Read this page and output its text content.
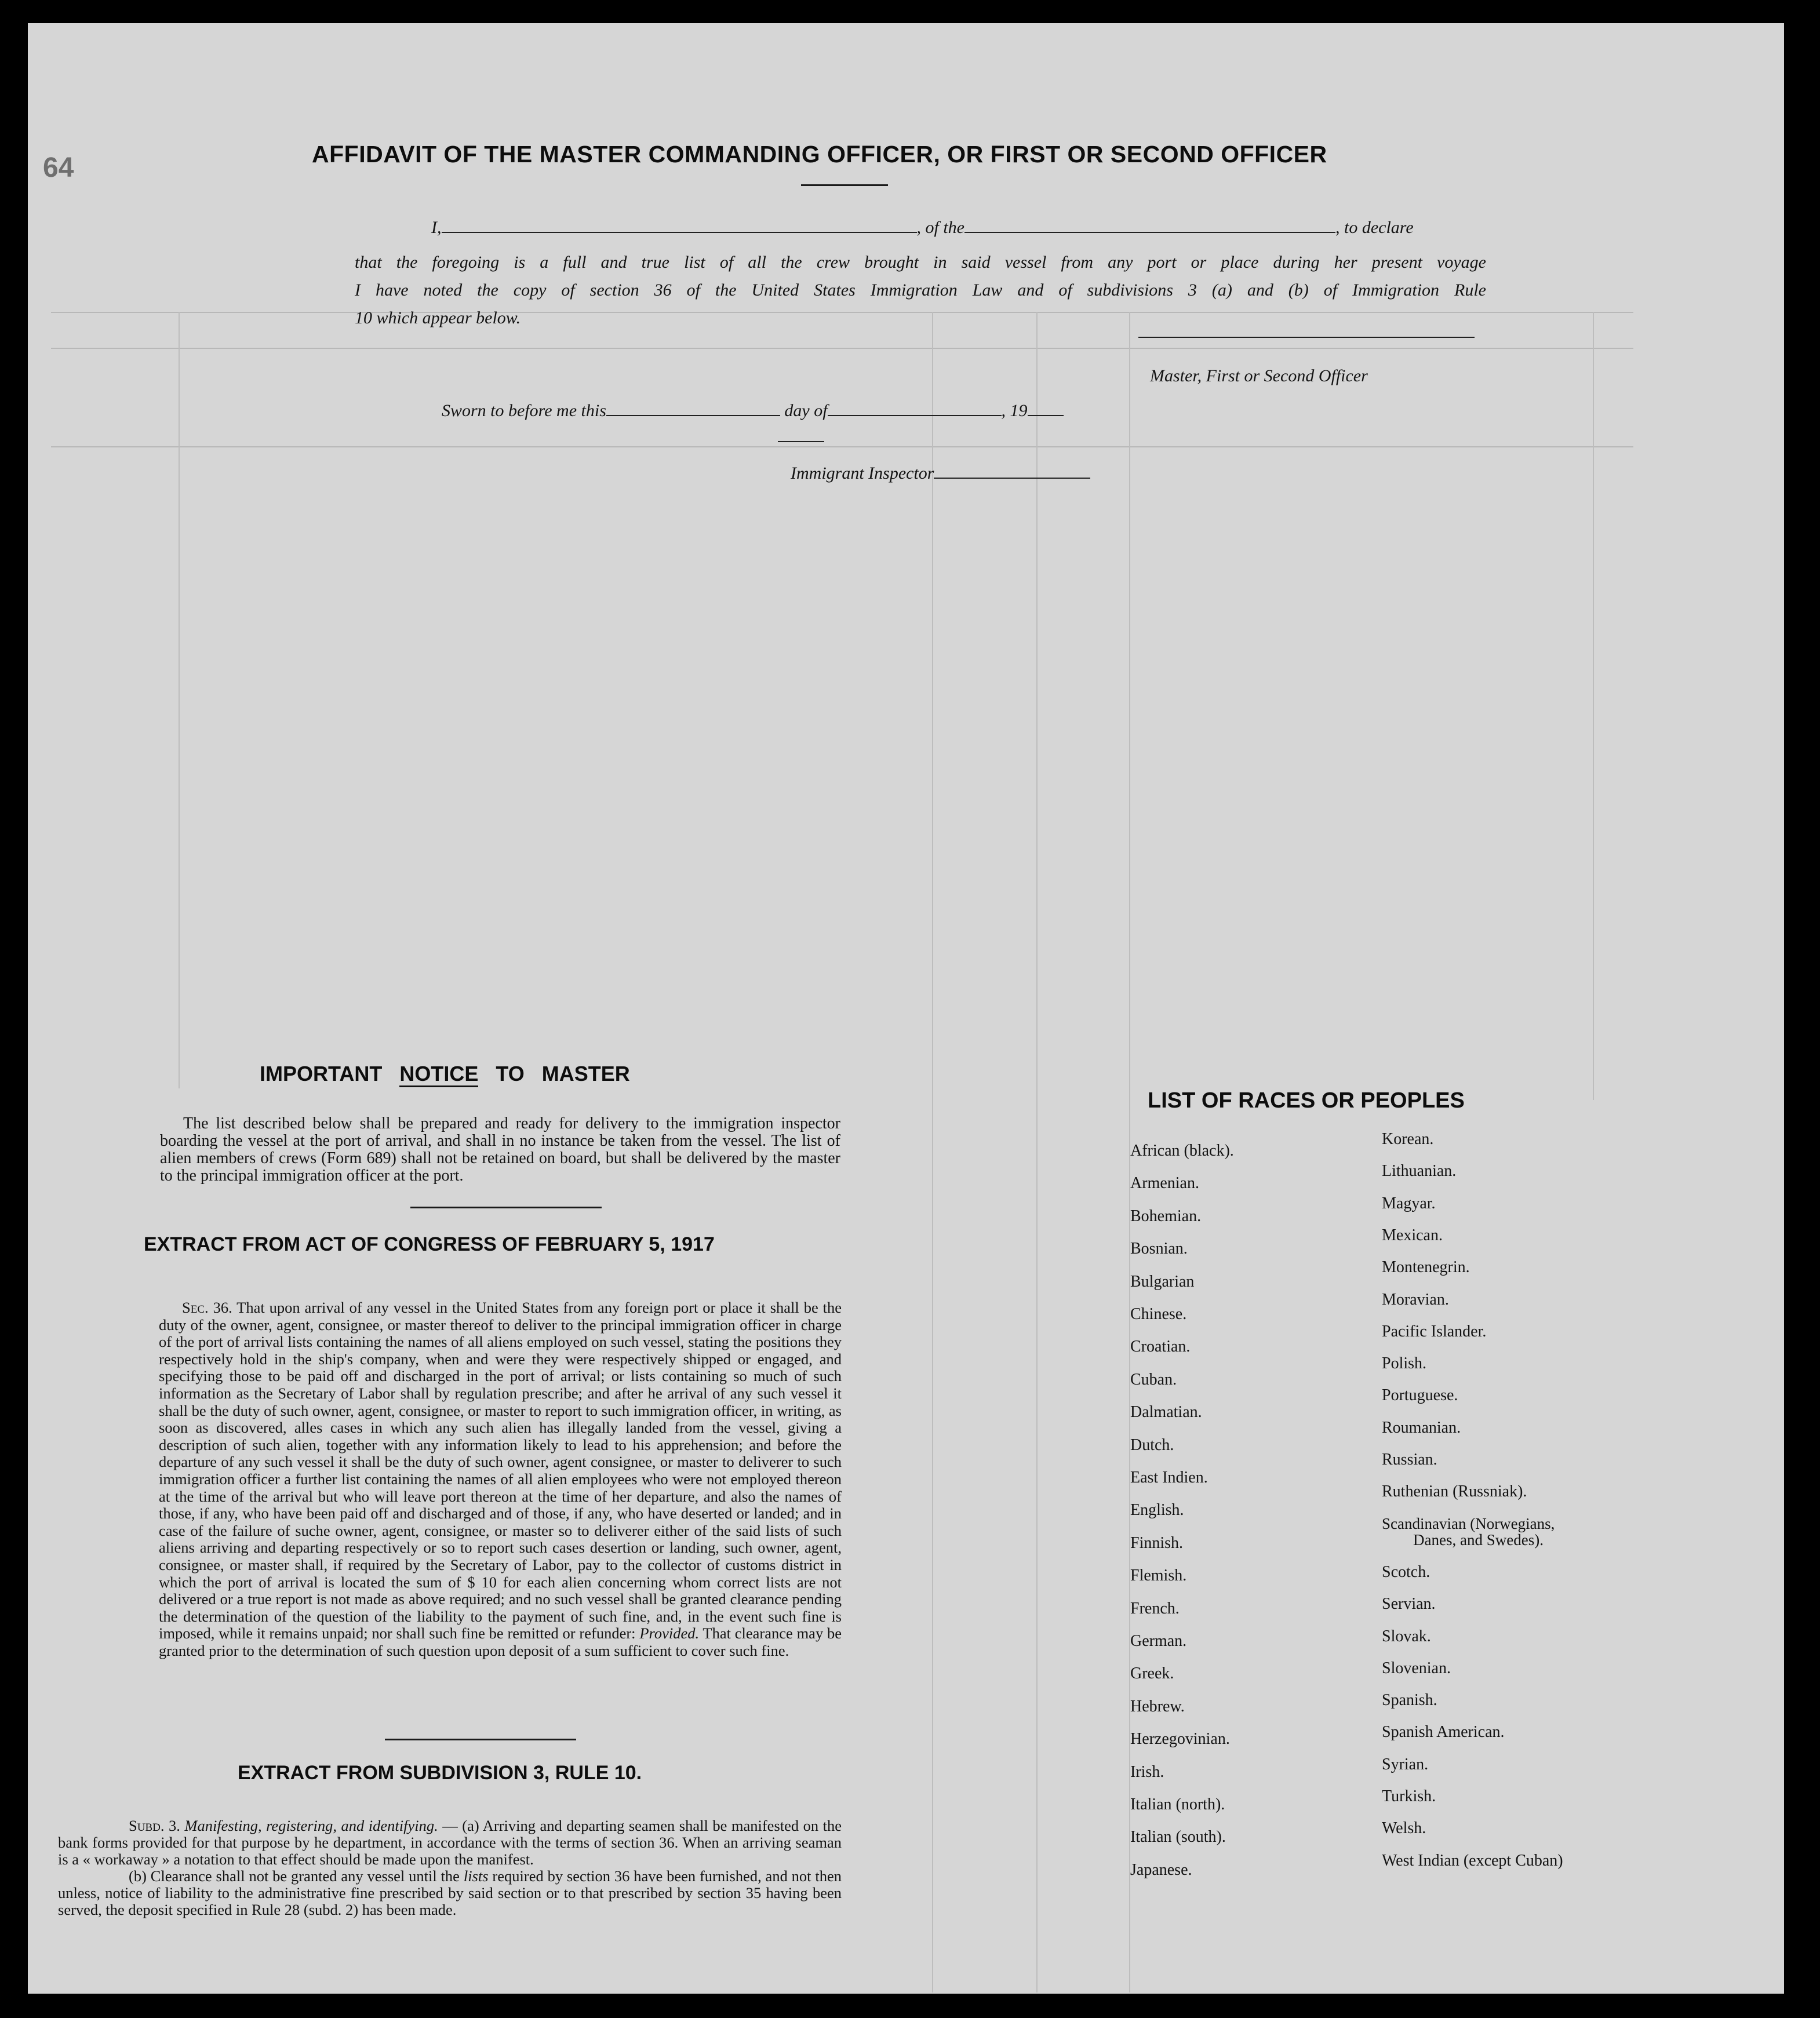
64	AFFIDAVIT OF THE MASTER COMMANDING OFFICER, OR FIRST OR SECOND OFFICER
I,	, of the	, to declare
that the foregoing is a full and true list of all the crew brought in said vessel from any port or place during her present voyage
I have noted the copy of section 36 of the United States Immigration Law and of subdivisions 3 (a) and (b) of Immigration Rule
10 which appear below.
Master, First or Second Officer
Sworn to before me this	day of	, 19
Immigrant Inspector
IMPORTANT NOTICE TO MASTER

The list described below shall be prepared and ready for delivery to the immigration inspector boarding the vessel at the port of arrival, and shall in no instance be taken from the vessel. The list of alien members of crews (Form 689) shall not be retained on board, but shall be delivered by the master to the principal immigration officer at the port.

EXTRACT FROM ACT OF CONGRESS OF FEBRUARY 5, 1917

Sec. 36. That upon arrival of any vessel in the United States from any foreign port or place it shall be the duty of the owner, agent, consignee, or master thereof to deliver to the principal immigration officer in charge of the port of arrival lists containing the names of all aliens employed on such vessel, stating the positions they respectively hold in the ship's company, when and were they were respectively shipped or engaged, and specifying those to be paid off and discharged in the port of arrival; or lists containing so much of such information as the Secretary of Labor shall by regulation prescribe; and after he arrival of any such vessel it shall be the duty of such owner, agent, consignee, or master to report to such immigration officer, in writing, as soon as discovered, alles cases in which any such alien has illegally landed from the vessel, giving a description of such alien, together with any information likely to lead to his apprehension; and before the departure of any such vessel it shall be the duty of such owner, agent consignee, or master to deliverer to such immigration officer a further list containing the names of all alien employees who were not employed thereon at the time of the arrival but who will leave port thereon at the time of her departure, and also the names of those, if any, who have been paid off and discharged and of those, if any, who have deserted or landed; and in case of the failure of suche owner, agent, consignee, or master so to deliverer either of the said lists of such aliens arriving and departing respectively or so to report such cases desertion or landing, such owner, agent, consignee, or master shall, if required by the Secretary of Labor, pay to the collector of customs district in which the port of arrival is located the sum of $ 10 for each alien concerning whom correct lists are not delivered or a true report is not made as above required; and no such vessel shall be granted clearance pending the determination of the question of the liability to the payment of such fine, and, in the event such fine is imposed, while it remains unpaid; nor shall such fine be remitted or refunder: Provided. That clearance may be granted prior to the determination of such question upon deposit of a sum sufficient to cover such fine.

EXTRACT FROM SUBDIVISION 3, RULE 10.

Subd. 3. Manifesting, registering, and identifying. — (a) Arriving and departing seamen shall be manifested on the bank forms provided for that purpose by he department, in accordance with the terms of section 36. When an arriving seaman is a « workaway » a notation to that effect should be made upon the manifest.

(b) Clearance shall not be granted any vessel until the lists required by section 36 have been furnished, and not then unless, notice of liability to the administrative fine prescribed by said section or to that prescribed by section 35 having been served, the deposit specified in Rule 28 (subd. 2) has been made.

LIST OF RACES OR PEOPLES
African (black).
Armenian.
Bohemian.
Bosnian.
Bulgarian
Chinese.
Croatian.
Cuban.
Dalmatian.
Dutch.
East Indien.
English.
Finnish.
Flemish.
French.
German.
Greek.
Hebrew.
Herzegovinian.
Irish.
Italian (north).
Italian (south).
Japanese.
Korean.
Lithuanian.
Magyar.
Mexican.
Montenegrin.
Moravian.
Pacific Islander.
Polish.
Portuguese.
Roumanian.
Russian.
Ruthenian (Russniak).
Scandinavian (Norwegians,
Danes, and Swedes).
Scotch.
Servian.
Slovak.
Slovenian.
Spanish.
Spanish American.
Syrian.
Turkish.
Welsh.
West Indian (except Cuban)
